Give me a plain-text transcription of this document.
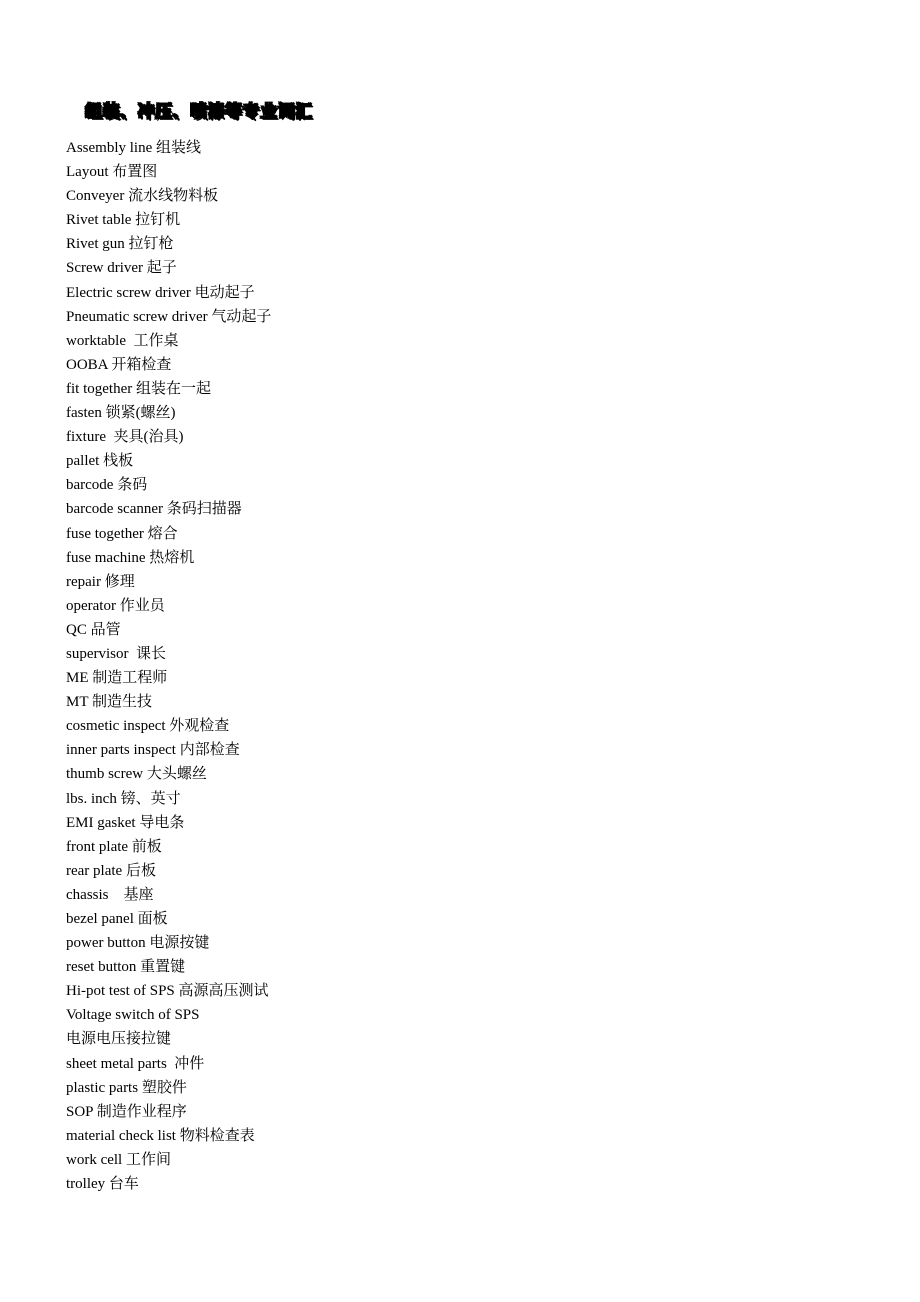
组装、冲压、喷漆等专业词汇
Assembly line 组装线
Layout 布置图
Conveyer 流水线物料板
Rivet table 拉钉机
Rivet gun 拉钉枪
Screw driver 起子
Electric screw driver 电动起子
Pneumatic screw driver 气动起子
worktable  工作桌
OOBA 开箱检查
fit together 组装在一起
fasten 锁紧(螺丝)
fixture  夹具(治具)
pallet 栈板
barcode 条码
barcode scanner 条码扫描器
fuse together 熔合
fuse machine 热熔机
repair 修理
operator 作业员
QC 品管
supervisor  课长
ME 制造工程师
MT 制造生技
cosmetic inspect 外观检查
inner parts inspect 内部检查
thumb screw 大头螺丝
lbs. inch 镑、英寸
EMI gasket 导电条
front plate 前板
rear plate 后板
chassis    基座
bezel panel 面板
power button 电源按键
reset button 重置键
Hi-pot test of SPS 高源高压测试
Voltage switch of SPS
电源电压接拉键
sheet metal parts  冲件
plastic parts 塑胶件
SOP 制造作业程序
material check list 物料检查表
work cell 工作间
trolley 台车
